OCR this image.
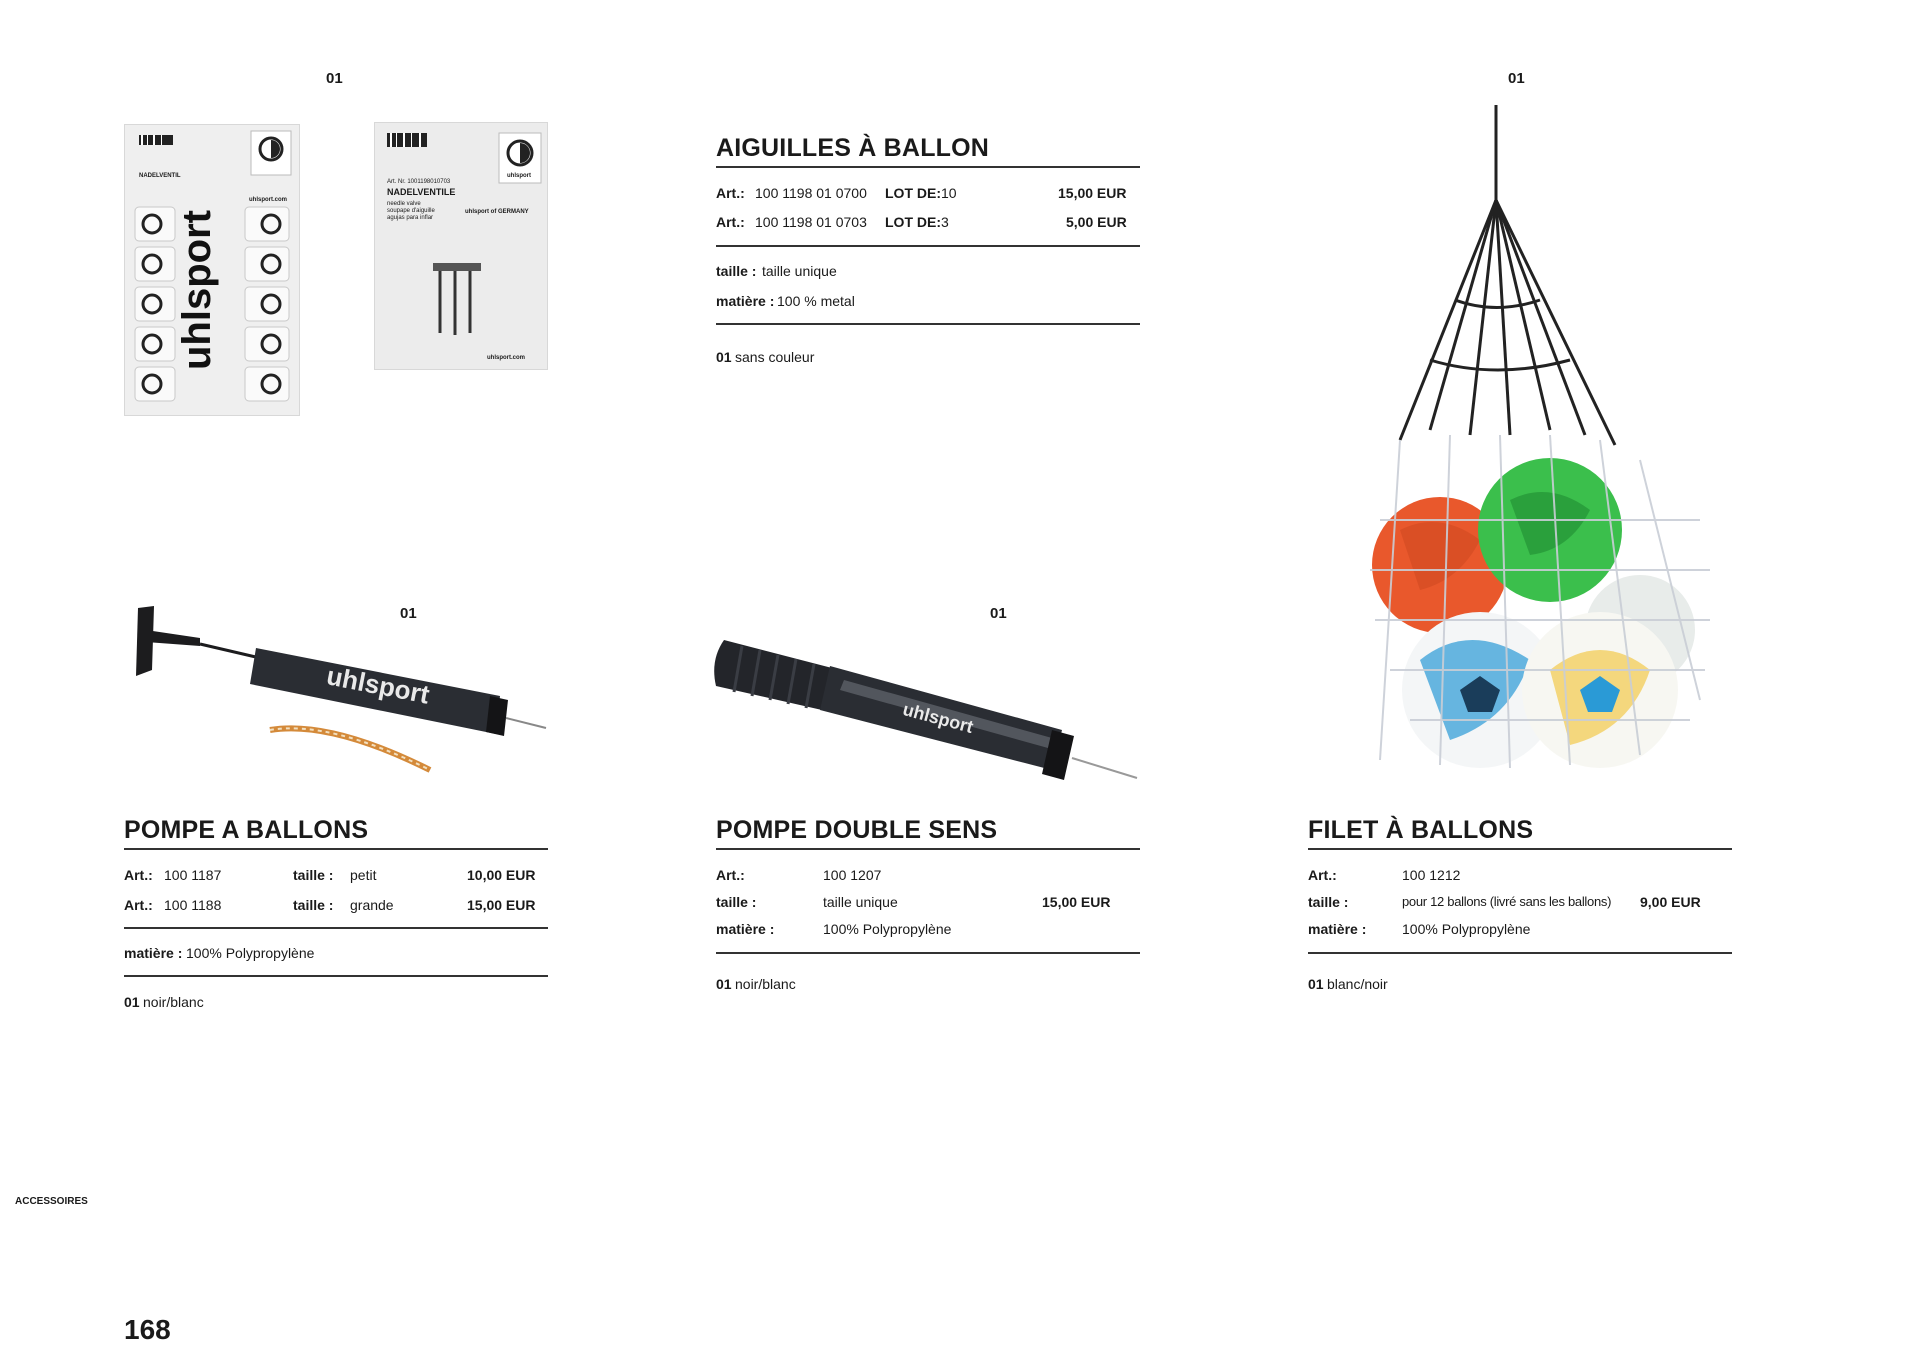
01
uhlsport
NADELVENTIL
uhlsport.com
Art. Nr. 1001198010703
NADELVENTILE
needle valve
soupape d'aiguille
agujas para inflar
uhlsport of GERMANY
uhlsport
uhlsport.com
AIGUILLES À BALLON
Art.: 100 1198 01 0700 LOT DE: 10	15,00 EUR
Art.: 100 1198 01 0703 LOT DE: 3	5,00 EUR
taille : taille unique
matière : 100 % metal
01 sans couleur
01
01
uhlsport
POMPE A BALLONS
Art.: 100 1187	taille : petit	10,00 EUR
Art.: 100 1188	taille : grande	15,00 EUR
matière : 100% Polypropylène
01 noir/blanc
01
uhlsport
POMPE DOUBLE SENS
Art.:	100 1207
taille :	taille unique	15,00 EUR
matière :	100% Polypropylène
01 noir/blanc
FILET À BALLONS
Art.:	100 1212
taille :	pour 12 ballons (livré sans les ballons) 9,00 EUR
matière :	100% Polypropylène
01 blanc/noir
ACCESSOIRES
168
